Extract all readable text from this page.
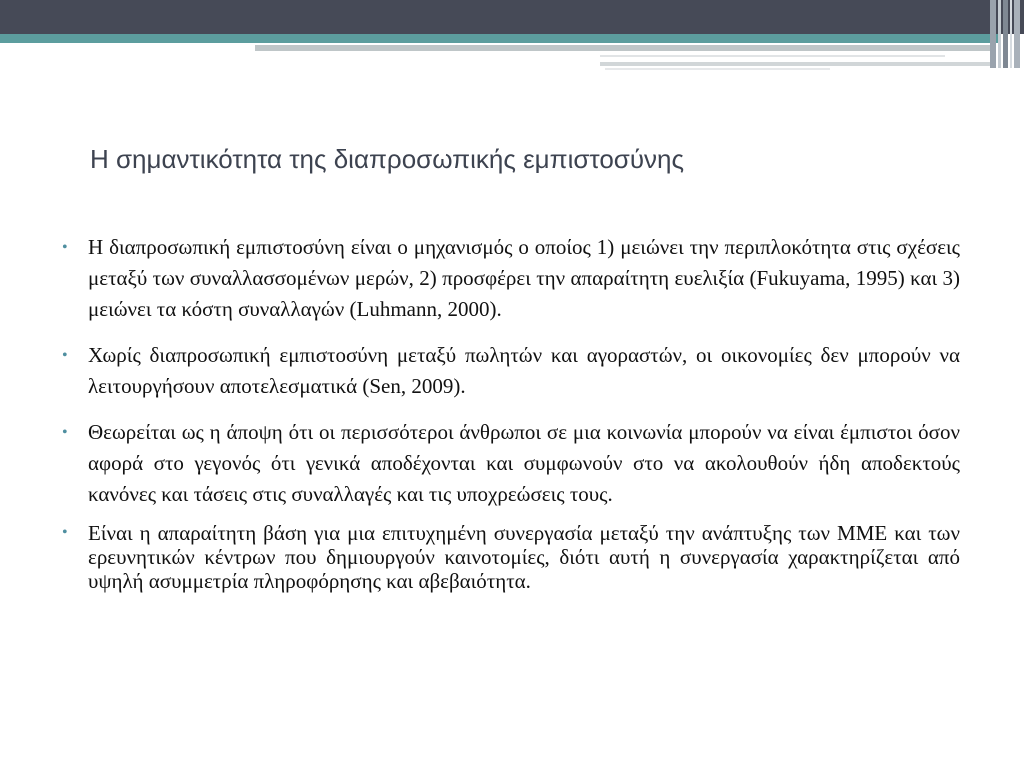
Η σημαντικότητα της διαπροσωπικής εμπιστοσύνης
• Η διαπροσωπική εμπιστοσύνη είναι ο μηχανισμός ο οποίος 1) μειώνει την περιπλοκότητα στις σχέσεις μεταξύ των συναλλασσομένων μερών, 2) προσφέρει την απαραίτητη ευελιξία (Fukuyama, 1995) και 3) μειώνει τα κόστη συναλλαγών (Luhmann, 2000).
• Χωρίς διαπροσωπική εμπιστοσύνη μεταξύ πωλητών και αγοραστών, οι οικονομίες δεν μπορούν να λειτουργήσουν αποτελεσματικά (Sen, 2009).
• Θεωρείται ως η άποψη ότι οι περισσότεροι άνθρωποι σε μια κοινωνία μπορούν να είναι έμπιστοι όσον αφορά στο γεγονός ότι γενικά αποδέχονται και συμφωνούν στο να ακολουθούν ήδη αποδεκτούς κανόνες και τάσεις στις συναλλαγές και τις υποχρεώσεις τους.
• Είναι η απαραίτητη βάση για μια επιτυχημένη συνεργασία μεταξύ την ανάπτυξης των ΜΜΕ και των ερευνητικών κέντρων που δημιουργούν καινοτομίες, διότι αυτή η συνεργασία χαρακτηρίζεται από υψηλή ασυμμετρία πληροφόρησης και αβεβαιότητα.
